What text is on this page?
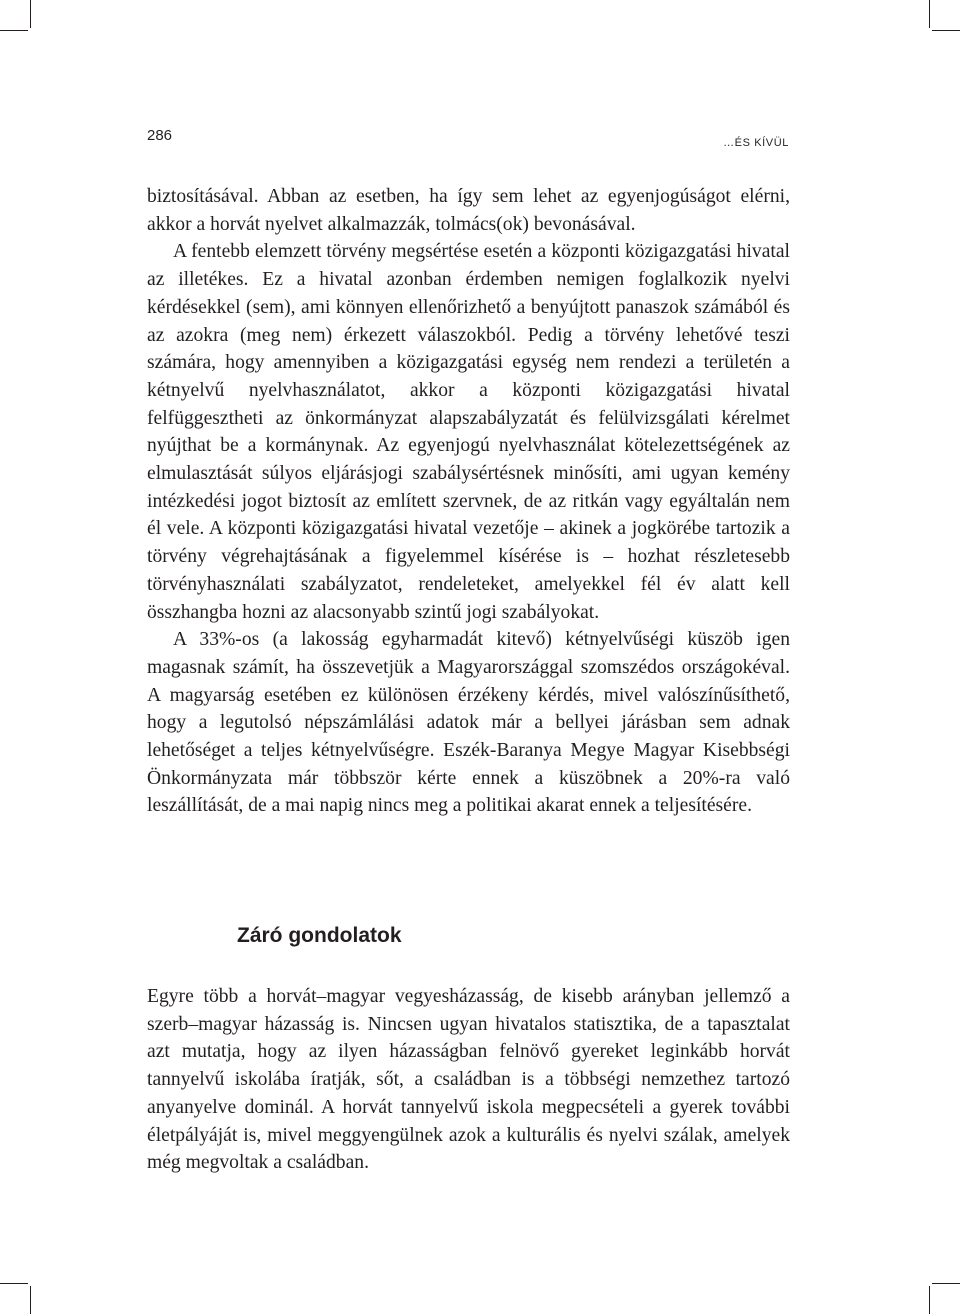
286	…ÉS KÍVÜL

biztosításával. Abban az esetben, ha így sem lehet az egyenjogúságot elérni, akkor a horvát nyelvet alkalmazzák, tolmács(ok) bevonásával.

A fentebb elemzett törvény megsértése esetén a központi közigazgatási hivatal az illetékes. Ez a hivatal azonban érdemben nemigen foglalkozik nyelvi kérdésekkel (sem), ami könnyen ellenőrizhető a benyújtott panaszok számából és az azokra (meg nem) érkezett válaszokból. Pedig a törvény lehetővé teszi számára, hogy amennyiben a közigazgatási egység nem rendezi a területén a kétnyelvű nyelvhasználatot, akkor a központi közigazgatási hivatal felfüggesztheti az önkormányzat alapszabályzatát és felülvizsgálati kérelmet nyújthat be a kormánynak. Az egyenjogú nyelvhasználat kötelezettségének az elmulasztását súlyos eljárásjogi szabálysértésnek minősíti, ami ugyan kemény intézkedési jogot biztosít az említett szervnek, de az ritkán vagy egyáltalán nem él vele. A központi közigazgatási hivatal vezetője – akinek a jogkörébe tartozik a törvény végrehajtásának a figyelemmel kísérése is – hozhat részletesebb törvényhasználati szabályzatot, rendeleteket, amelyekkel fél év alatt kell összhangba hozni az alacsonyabb szintű jogi szabályokat.

A 33%-os (a lakosság egyharmadát kitevő) kétnyelvűségi küszöb igen magasnak számít, ha összevetjük a Magyarországgal szomszédos országokéval. A magyarság esetében ez különösen érzékeny kérdés, mivel valószínűsíthető, hogy a legutolsó népszámlálási adatok már a bellyei járásban sem adnak lehetőséget a teljes kétnyelvűségre. Eszék-Baranya Megye Magyar Kisebbségi Önkormányzata már többször kérte ennek a küszöbnek a 20%-ra való leszállítását, de a mai napig nincs meg a politikai akarat ennek a teljesítésére.

Záró gondolatok

Egyre több a horvát–magyar vegyesházasság, de kisebb arányban jellemző a szerb–magyar házasság is. Nincsen ugyan hivatalos statisztika, de a tapasztalat azt mutatja, hogy az ilyen házasságban felnövő gyereket leginkább horvát tannyelvű iskolába íratják, sőt, a családban is a többségi nemzethez tartozó anyanyelve dominál. A horvát tannyelvű iskola megpecsételi a gyerek további életpályáját is, mivel meggyengülnek azok a kulturális és nyelvi szálak, amelyek még megvoltak a családban.
